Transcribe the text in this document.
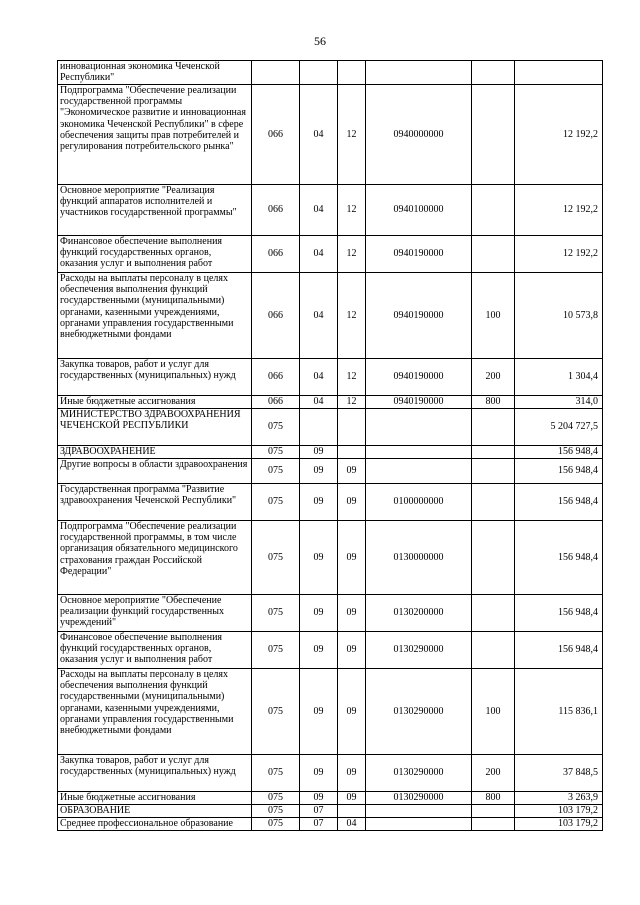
56
инновационная экономика Чеченской Республики"						
Подпрограмма "Обеспечение реализации государственной программы "Экономическое развитие и инновационная экономика Чеченской Республики" в сфере обеспечения защиты прав потребителей и регулирования потребительского рынка"	066	04	12	0940000000		12 192,2
Основное мероприятие "Реализация функций аппаратов исполнителей и участников государственной программы"	066	04	12	0940100000		12 192,2
Финансовое обеспечение выполнения функций государственных органов, оказания услуг и выполнения работ	066	04	12	0940190000		12 192,2
Расходы на выплаты персоналу в целях обеспечения выполнения функций государственными (муниципальными) органами, казенными учреждениями, органами управления государственными внебюджетными фондами	066	04	12	0940190000	100	10 573,8
Закупка товаров, работ и услуг для государственных (муниципальных) нужд	066	04	12	0940190000	200	1 304,4
Иные бюджетные ассигнования	066	04	12	0940190000	800	314,0
МИНИСТЕРСТВО ЗДРАВООХРАНЕНИЯ ЧЕЧЕНСКОЙ РЕСПУБЛИКИ	075					5 204 727,5
ЗДРАВООХРАНЕНИЕ	075	09				156 948,4
Другие вопросы в области здравоохранения	075	09	09			156 948,4
Государственная программа "Развитие здравоохранения Чеченской Республики"	075	09	09	0100000000		156 948,4
Подпрограмма "Обеспечение реализации государственной программы, в том числе организация обязательного медицинского страхования граждан Российской Федерации"	075	09	09	0130000000		156 948,4
Основное мероприятие "Обеспечение реализации функций государственных учреждений"	075	09	09	0130200000		156 948,4
Финансовое обеспечение выполнения функций государственных органов, оказания услуг и выполнения работ	075	09	09	0130290000		156 948,4
Расходы на выплаты персоналу в целях обеспечения выполнения функций государственными (муниципальными) органами, казенными учреждениями, органами управления государственными внебюджетными фондами	075	09	09	0130290000	100	115 836,1
Закупка товаров, работ и услуг для государственных (муниципальных) нужд	075	09	09	0130290000	200	37 848,5
Иные бюджетные ассигнования	075	09	09	0130290000	800	3 263,9
ОБРАЗОВАНИЕ	075	07				103 179,2
Среднее профессиональное образование	075	07	04			103 179,2
